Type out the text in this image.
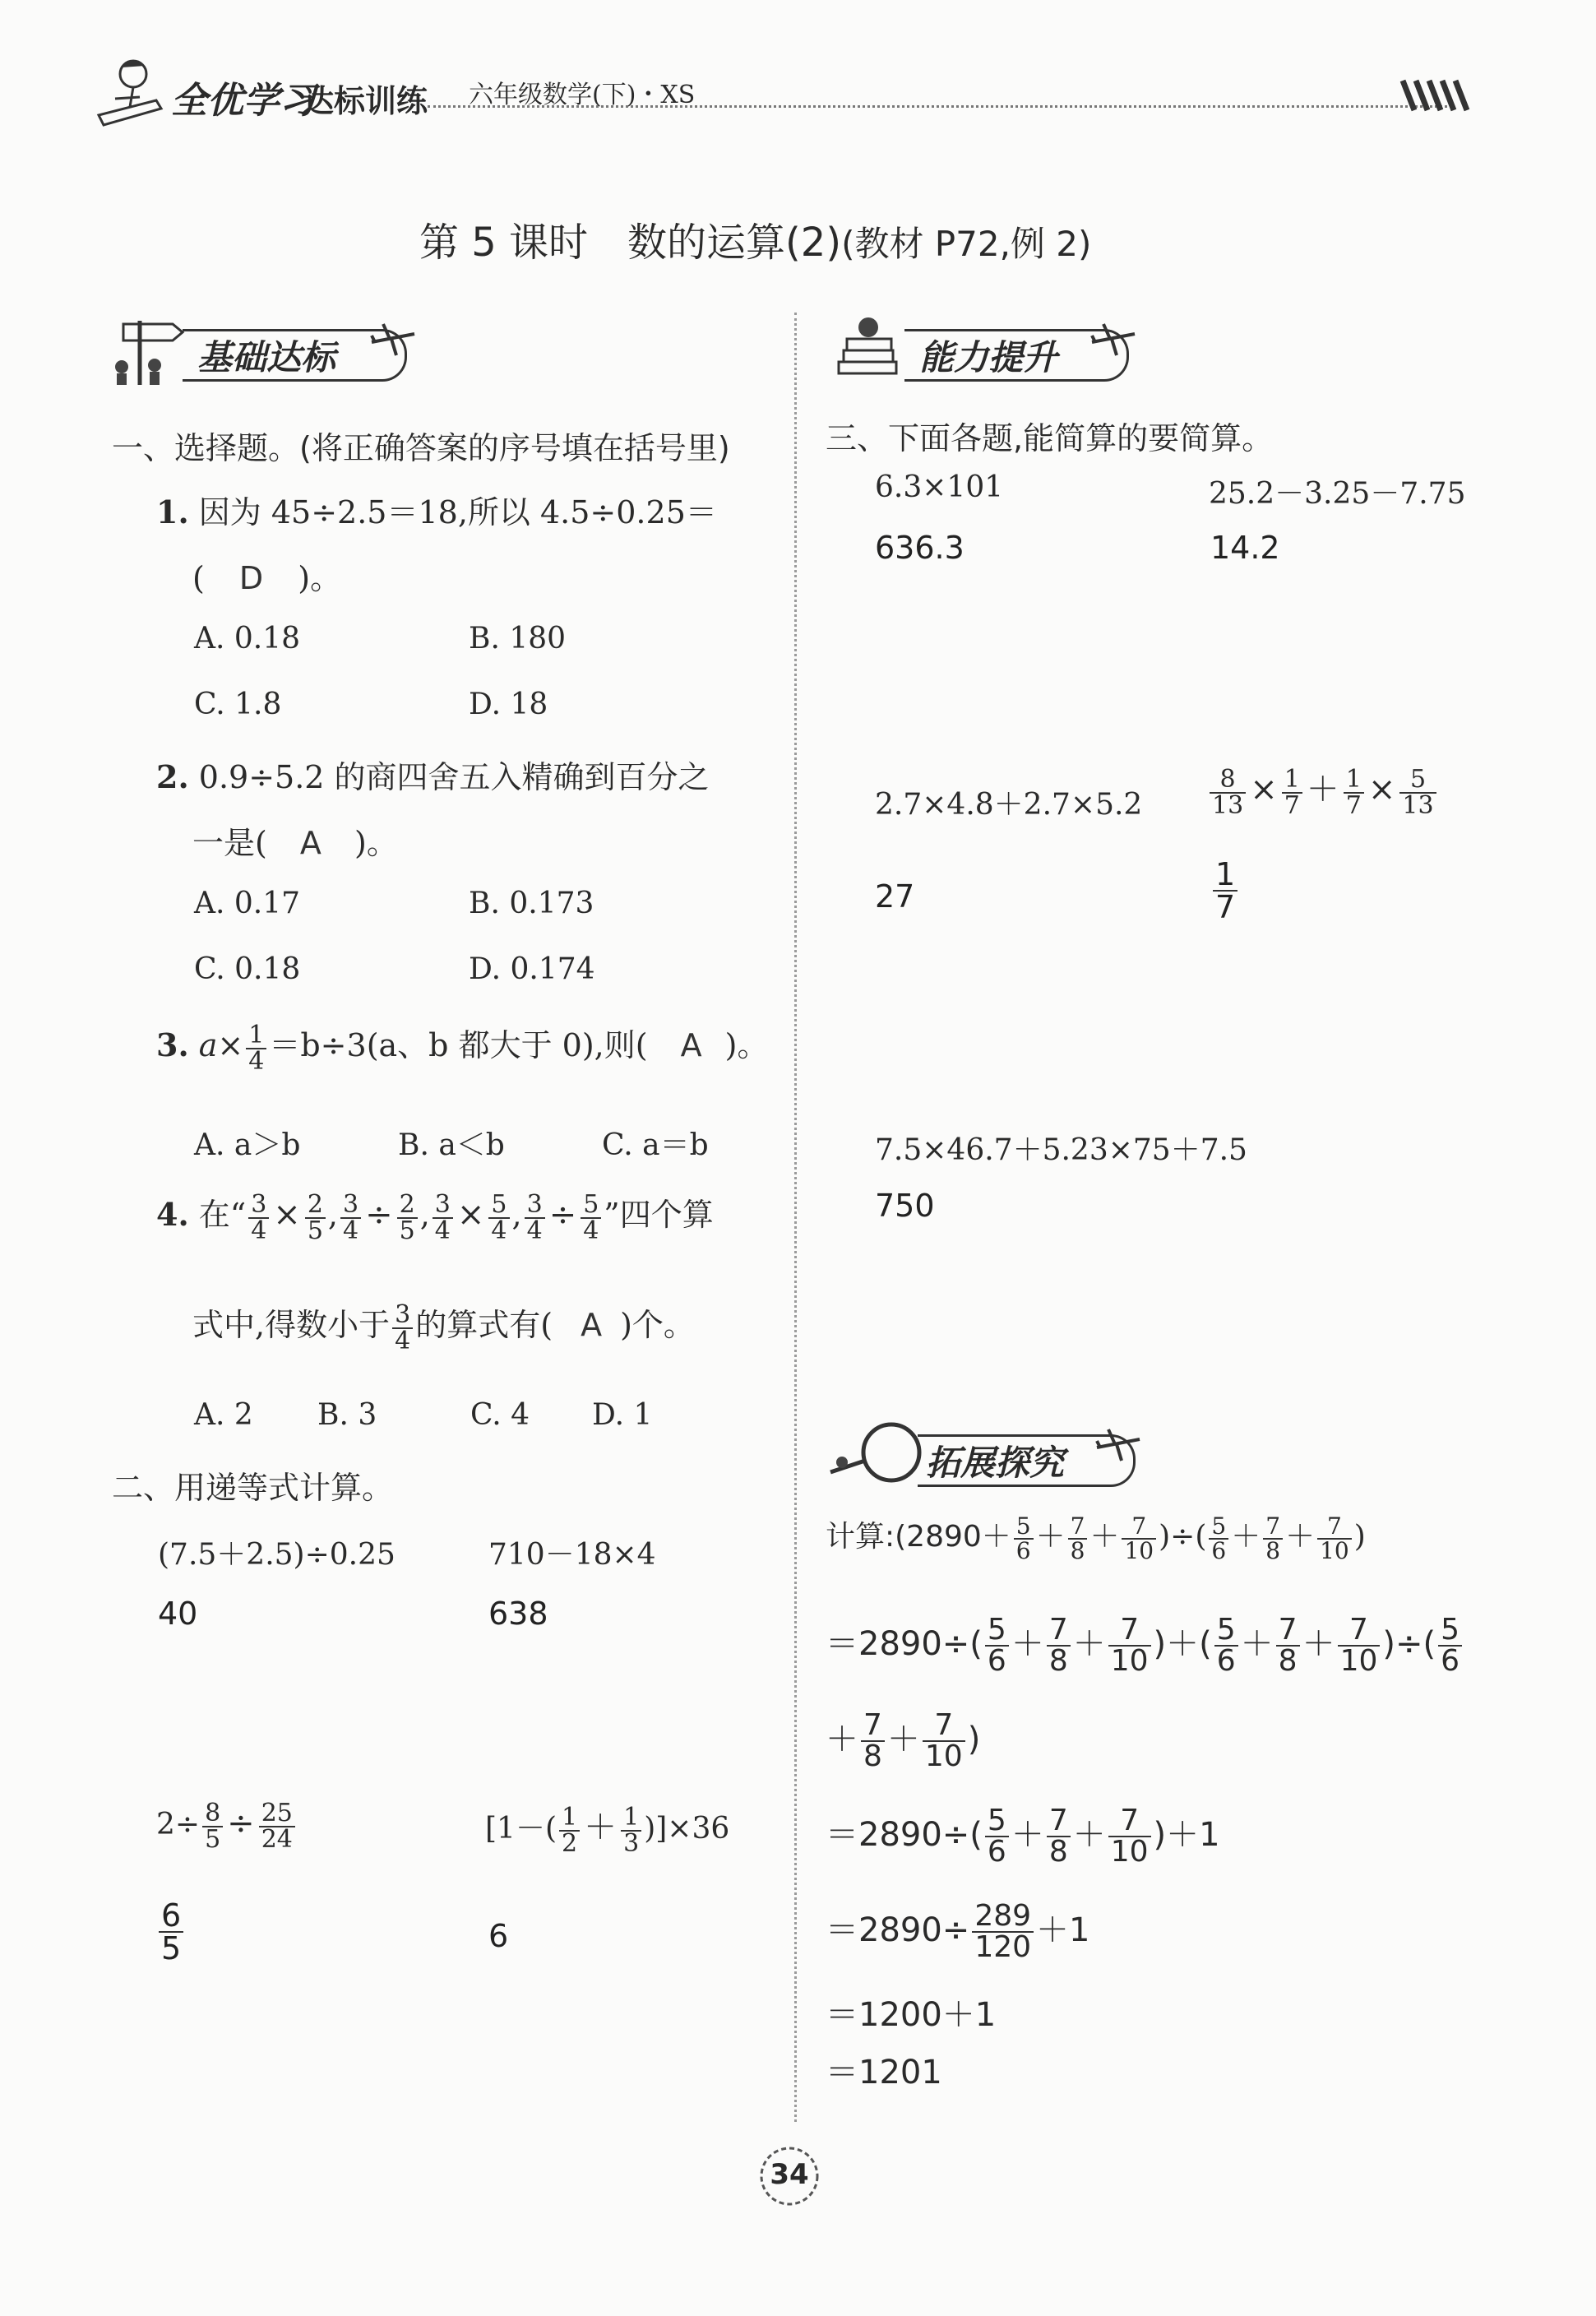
全优学习
达标训练 六年级数学(下)・XS
第 5 课时　数的运算(2)(教材 P72,例 2)
基础达标
一、选择题。(将正确答案的序号填在括号里)
1. 因为 45÷2.5＝18,所以 4.5÷0.25＝
( D )。
A. 0.18	B. 180
C. 1.8	D. 18
2. 0.9÷5.2 的商四舍五入精确到百分之
一是( A )。
A. 0.17	B. 0.173
C. 0.18	D. 0.174
3. $a\times \frac{1}{4} =b\div 3(a$、b 都大于 0),则( A )。
A. a＞b	B. a＜b	C. a＝b
4. 在“ $\frac{3}{4} \times \frac{2}{5}$ , $\frac{3}{4} \div \frac{2}{5}$ , $\frac{3}{4} \times \frac{5}{4}$ , $\frac{3}{4} \div \frac{5}{4}$ ”四个算
式中,得数小于 $\frac{3}{4}$ 的算式有( A )个。
A. 2 B. 3	C. 4 D. 1
二、用递等式计算。
(7.5＋2.5)÷0.25
40
710－18×4
638
$2\div \frac{8}{5} \div \frac{25}{24}$
$\frac{6}{5}$
$[1-( \frac{1}{2} + \frac{1}{3} )]\times 36$
6
能力提升
三、下面各题,能简算的要简算。
6.3×101
636.3
25.2－3.25－7.75
14.2
2.7×4.8＋2.7×5.2
27
$\frac{8}{13} \times \frac{1}{7} + \frac{1}{7} \times \frac{5}{13}$
$\frac{1}{7}$
7.5×46.7＋5.23×75＋7.5
750
拓展探究
计算:(2890＋ $\frac{5}{6} + \frac{7}{8} + \frac{7}{10}$ )÷( $\frac{5}{6} + \frac{7}{8} + \frac{7}{10}$ )
$=2890\div( \frac{5}{6} + \frac{7}{8} + \frac{7}{10}$ )＋( $\frac{5}{6} + \frac{7}{8} + \frac{7}{10}$ )÷( $\frac{5}{6}$
＋ $\frac{7}{8} + \frac{7}{10}$ )
$=2890\div( \frac{5}{6} + \frac{7}{8} + \frac{7}{10} )+1$
$=2890\div \frac{289}{120} +1$
＝1200＋1
＝1201
34
